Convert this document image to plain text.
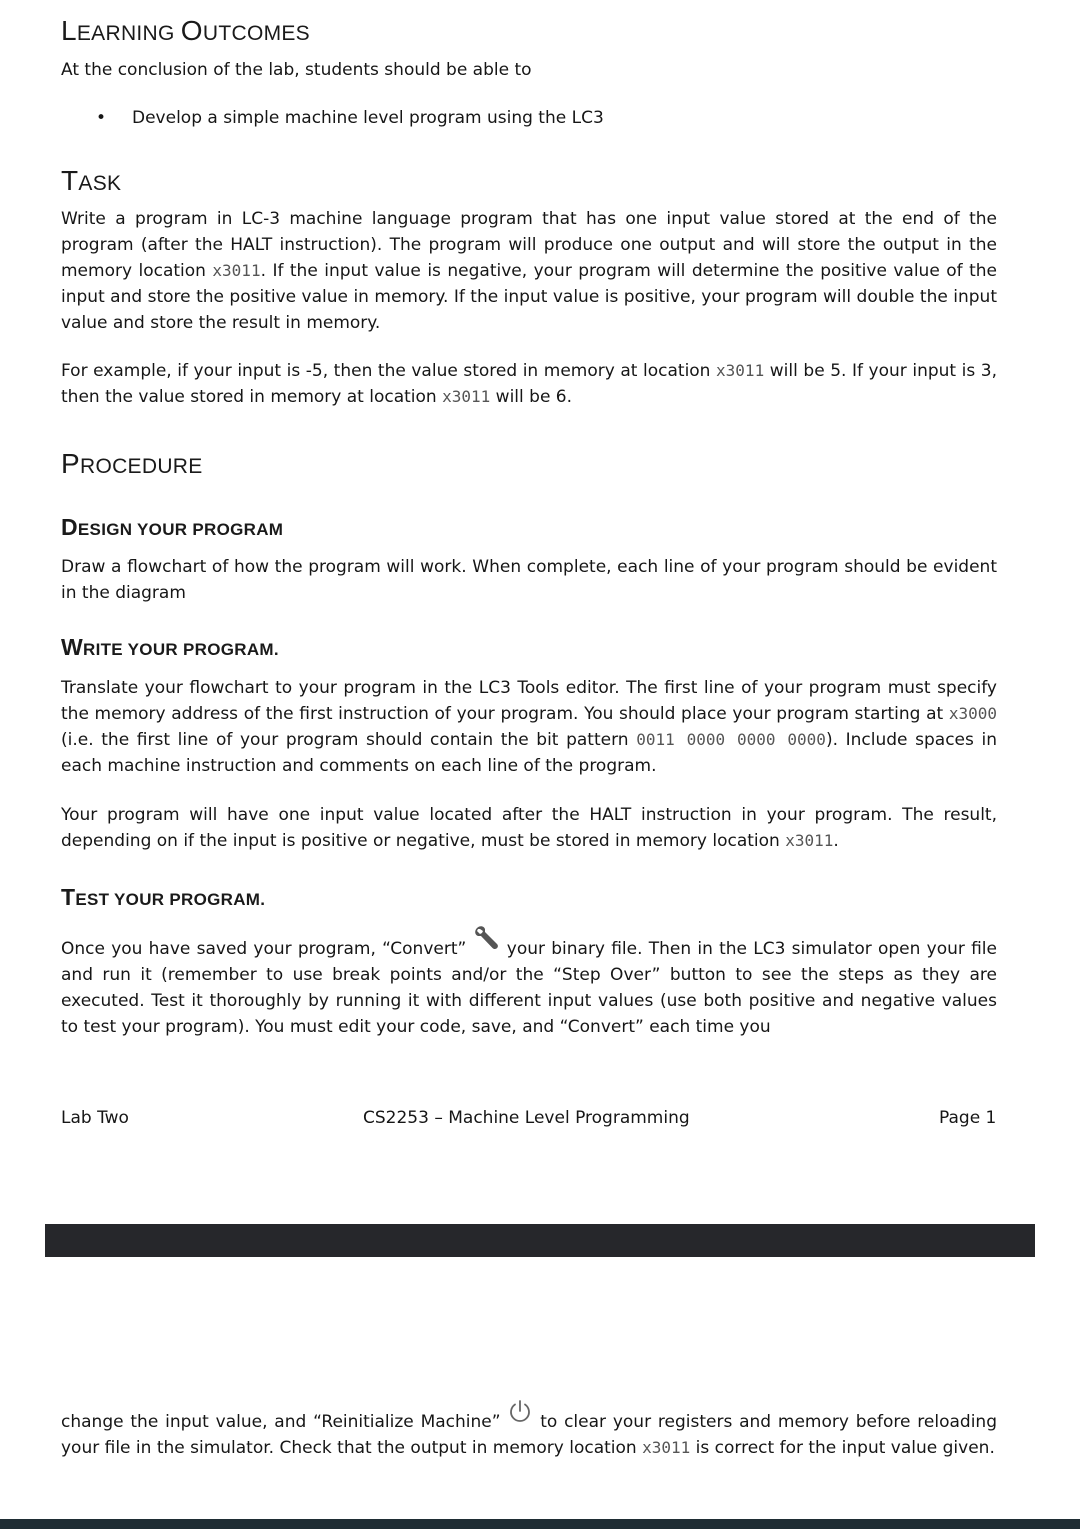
LEARNING OUTCOMES

At the conclusion of the lab, students should be able to

• Develop a simple machine level program using the LC3
TASK

Write a program in LC-3 machine language program that has one input value stored at the end of the program (after the HALT instruction). The program will produce one output and will store the output in the memory location x3011. If the input value is negative, your program will determine the positive value of the input and store the positive value in memory. If the input value is positive, your program will double the input value and store the result in memory.

For example, if your input is -5, then the value stored in memory at location x3011 will be 5. If your input is 3, then the value stored in memory at location x3011 will be 6.

PROCEDURE
DESIGN YOUR PROGRAM

Draw a flowchart of how the program will work. When complete, each line of your program should be evident in the diagram

WRITE YOUR PROGRAM.

Translate your flowchart to your program in the LC3 Tools editor. The first line of your program must specify the memory address of the first instruction of your program. You should place your program starting at x3000 (i.e. the first line of your program should contain the bit pattern 0011 0000 0000 0000). Include spaces in each machine instruction and comments on each line of the program.

Your program will have one input value located after the HALT instruction in your program. The result, depending on if the input is positive or negative, must be stored in memory location x3011.

TEST YOUR PROGRAM.

Once you have saved your program, “Convert”  your binary file. Then in the LC3 simulator open your file and run it (remember to use break points and/or the “Step Over” button to see the steps as they are executed. Test it thoroughly by running it with different input values (use both positive and negative values to test your program). You must edit your code, save, and “Convert” each time you

Lab Two	CS2253 – Machine Level Programming	Page 1

change the input value, and “Reinitialize Machine”  to clear your registers and memory before reloading your file in the simulator. Check that the output in memory location x3011 is correct for the input value given.
